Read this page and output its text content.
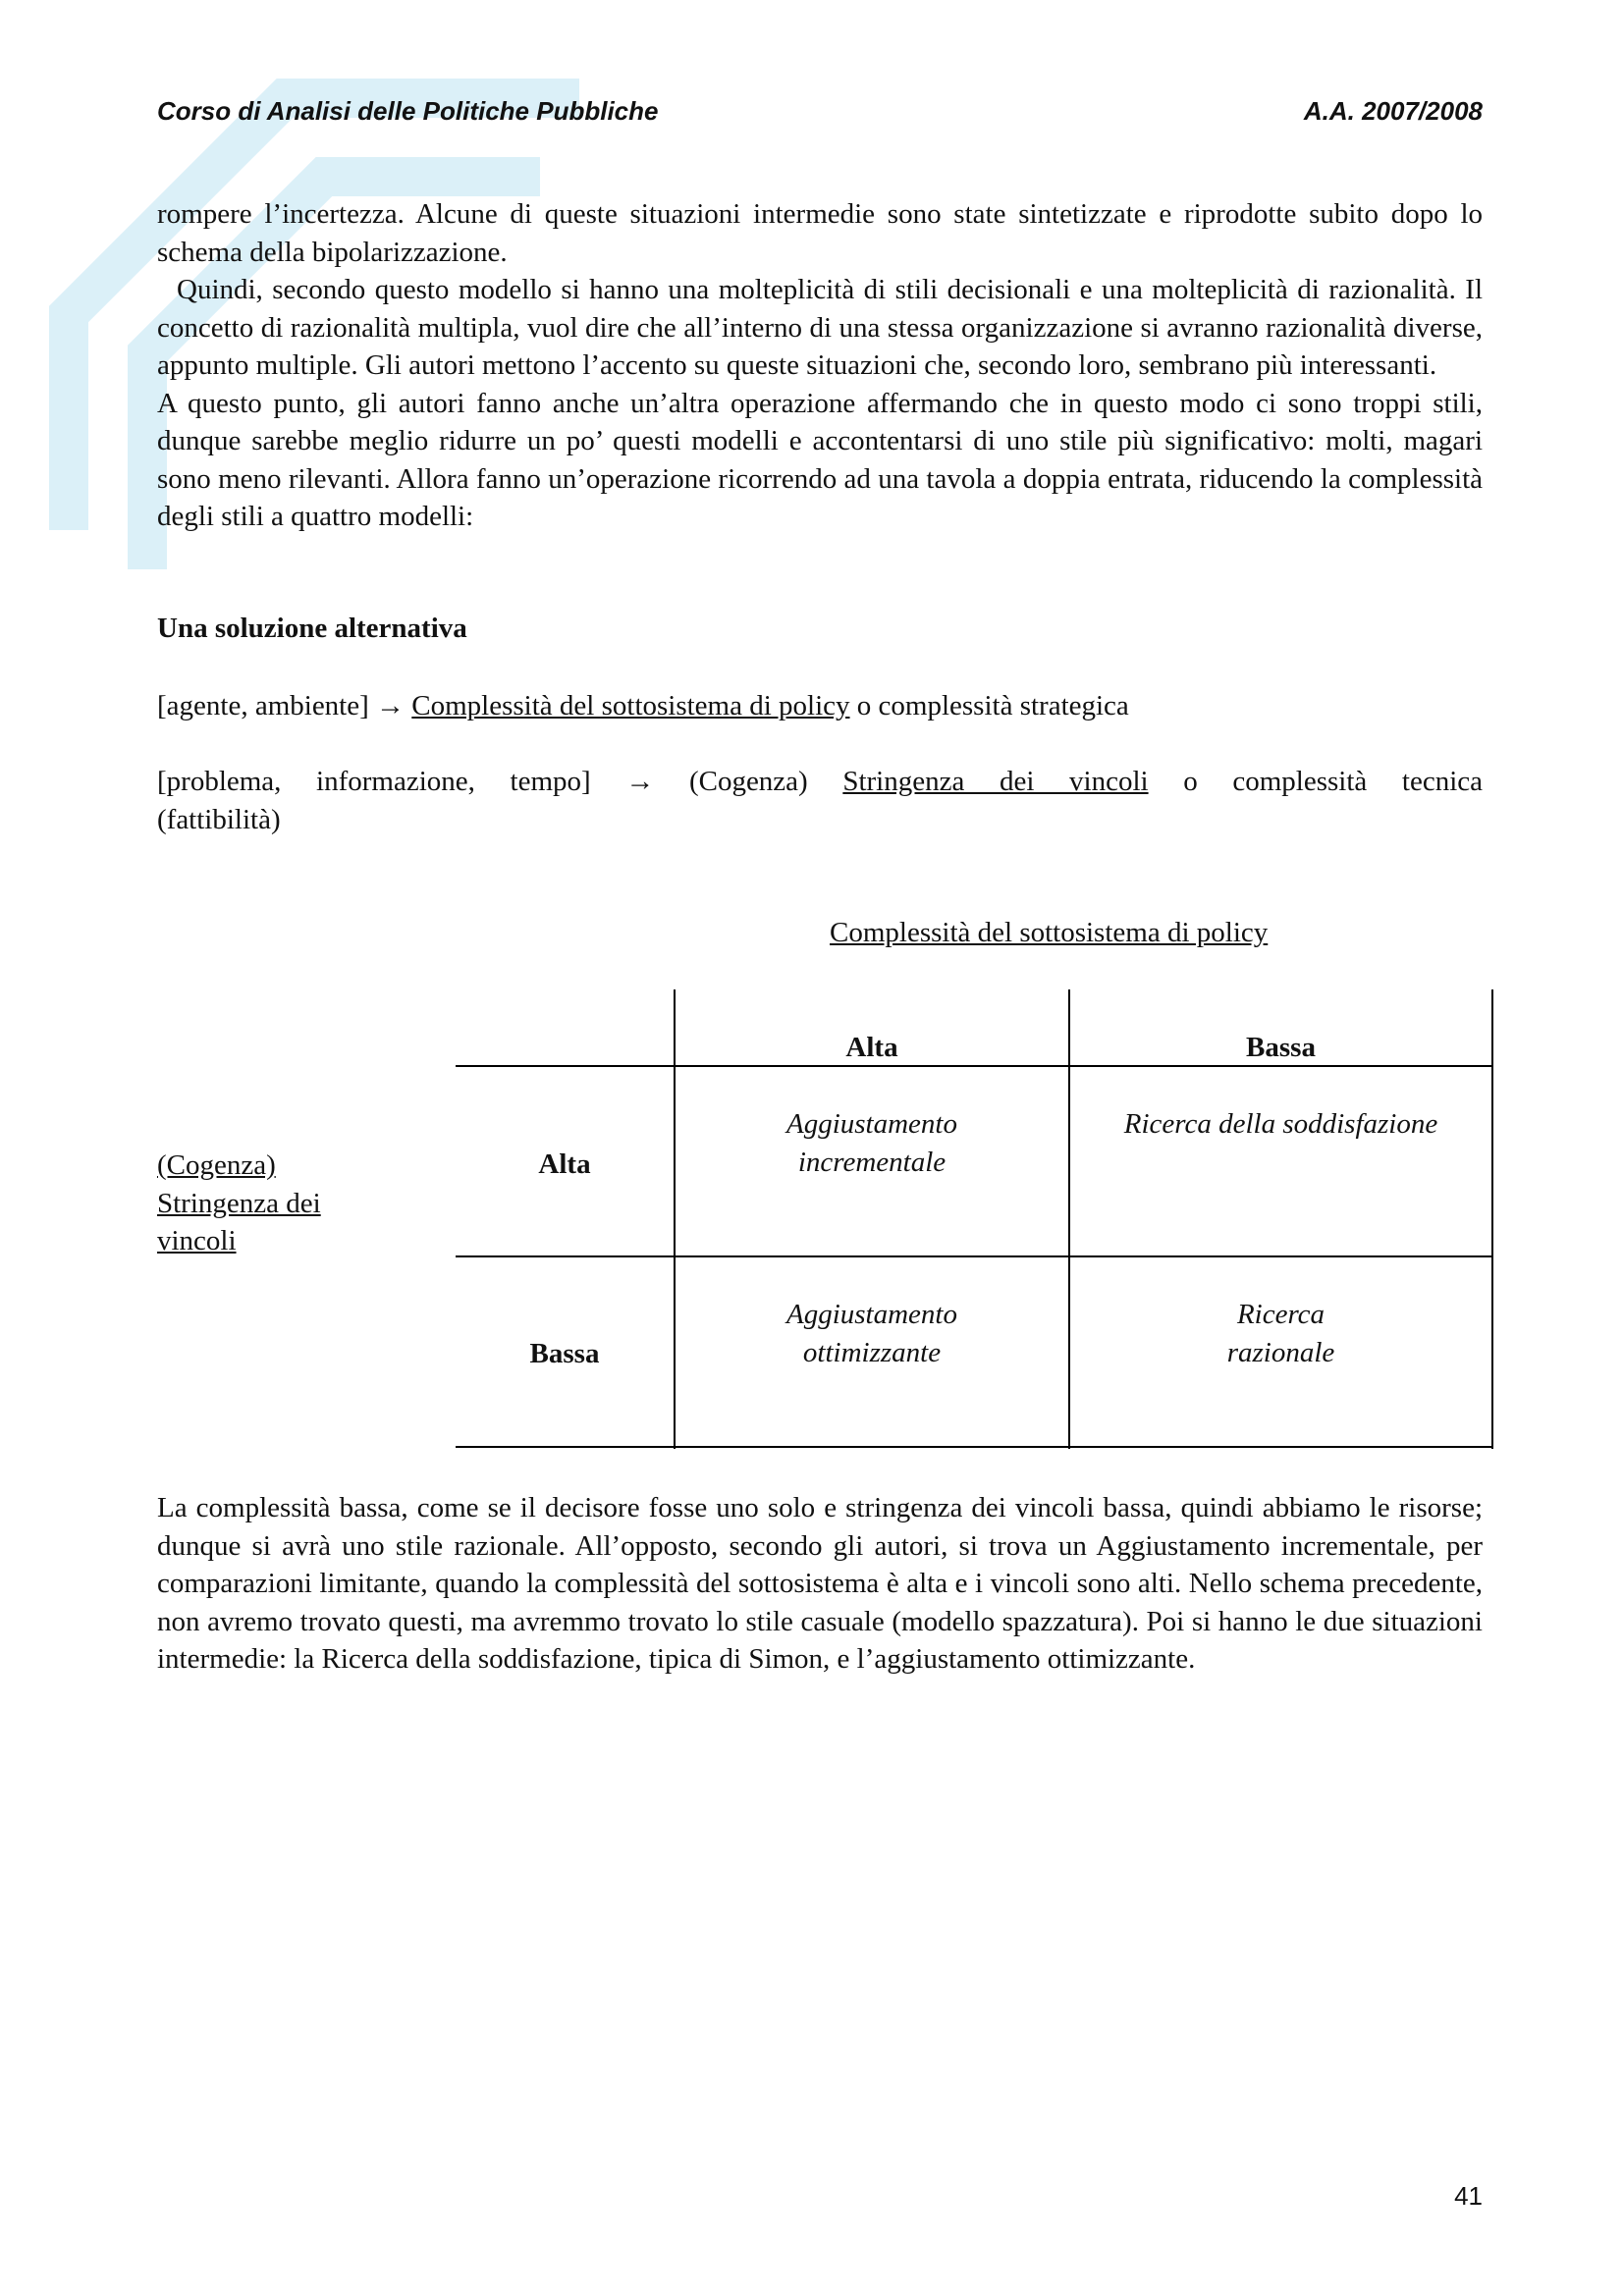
Corso di Analisi delle Politiche Pubbliche	A.A. 2007/2008

rompere l’incertezza. Alcune di queste situazioni intermedie sono state sintetizzate e riprodotte subito dopo lo schema della bipolarizzazione.

Quindi, secondo questo modello si hanno una molteplicità di stili decisionali e una molteplicità di razionalità. Il concetto di razionalità multipla, vuol dire che all’interno di una stessa organizzazione si avranno razionalità diverse, appunto multiple. Gli autori mettono l’accento su queste situazioni che, secondo loro, sembrano più interessanti.

A questo punto, gli autori fanno anche un’altra operazione affermando che in questo modo ci sono troppi stili, dunque sarebbe meglio ridurre un po’ questi modelli e accontentarsi di uno stile più significativo: molti, magari sono meno rilevanti. Allora fanno un’operazione ricorrendo ad una tavola a doppia entrata, riducendo la complessità degli stili a quattro modelli:

Una soluzione alternativa
[agente, ambiente] → Complessità del sottosistema di policy o complessità strategica
[problema, informazione, tempo] → (Cogenza) Stringenza dei vincoli o complessità tecnica
(fattibilità)
Complessità del sottosistema di policy
Alta	Bassa
(Cogenza)
Stringenza dei
vincoli
Alta
Bassa
Aggiustamento
incrementale
Ricerca della soddisfazione
Aggiustamento
ottimizzante
Ricerca
razionale

La complessità bassa, come se il decisore fosse uno solo e stringenza dei vincoli bassa, quindi abbiamo le risorse; dunque si avrà uno stile razionale. All’opposto, secondo gli autori, si trova un Aggiustamento incrementale, per comparazioni limitante, quando la complessità del sottosistema è alta e i vincoli sono alti. Nello schema precedente, non avremo trovato questi, ma avremmo trovato lo stile casuale (modello spazzatura). Poi si hanno le due situazioni intermedie: la Ricerca della soddisfazione, tipica di Simon, e l’aggiustamento ottimizzante.

41
